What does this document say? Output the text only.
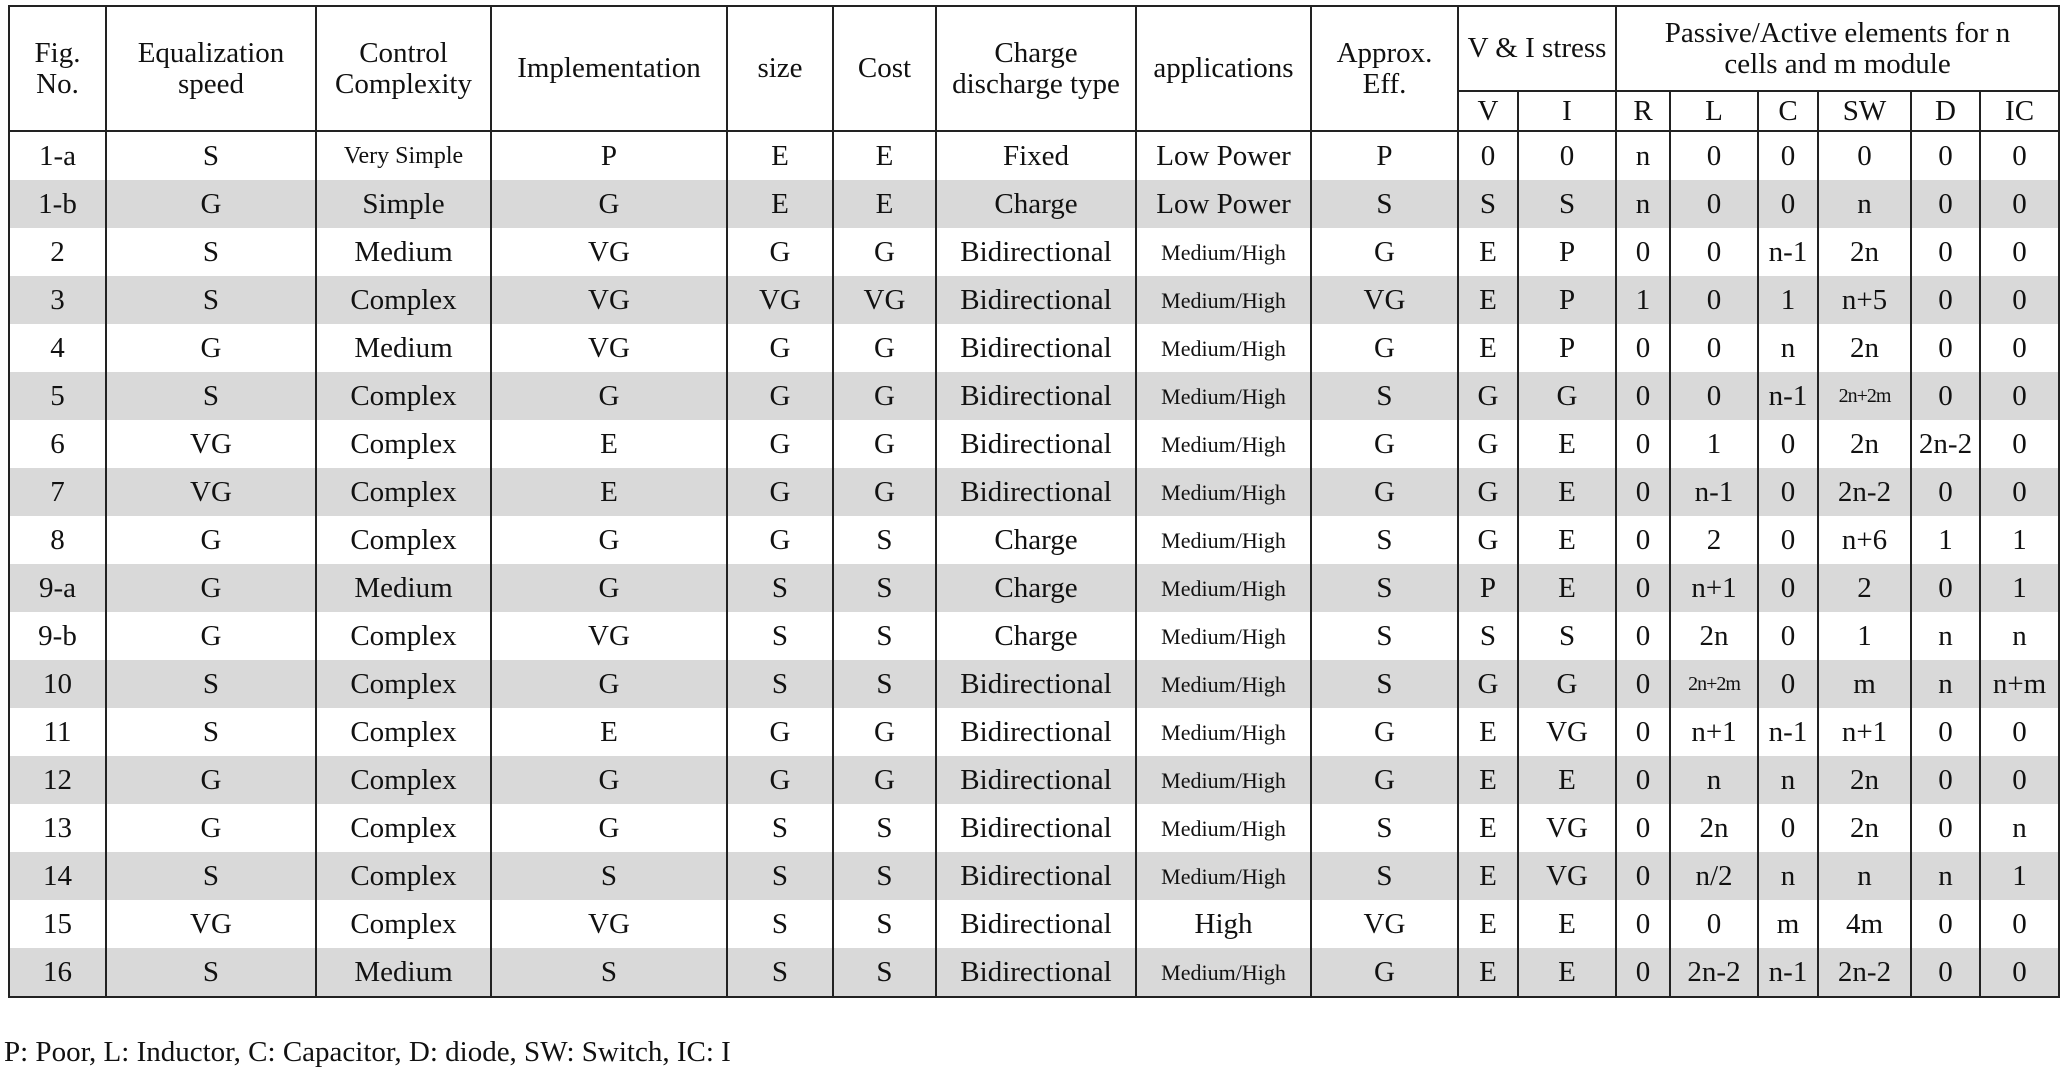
Fig. No.	Equalization speed	Control Complexity	Implementation	size	Cost	Charge discharge type	applications	Approx. Eff.	V & I stress		Passive/Active elements for n cells and m module					
									V	I	R	L	C	SW	D	IC
1-a	S	Very Simple	P	E	E	Fixed	Low Power	P	0	0	n	0	0	0	0	0
1-b	G	Simple	G	E	E	Charge	Low Power	S	S	S	n	0	0	n	0	0
2	S	Medium	VG	G	G	Bidirectional	Medium/High	G	E	P	0	0	n-1	2n	0	0
3	S	Complex	VG	VG	VG	Bidirectional	Medium/High	VG	E	P	1	0	1	n+5	0	0
4	G	Medium	VG	G	G	Bidirectional	Medium/High	G	E	P	0	0	n	2n	0	0
5	S	Complex	G	G	G	Bidirectional	Medium/High	S	G	G	0	0	n-1	2n+2m	0	0
6	VG	Complex	E	G	G	Bidirectional	Medium/High	G	G	E	0	1	0	2n	2n-2	0
7	VG	Complex	E	G	G	Bidirectional	Medium/High	G	G	E	0	n-1	0	2n-2	0	0
8	G	Complex	G	G	S	Charge	Medium/High	S	G	E	0	2	0	n+6	1	1
9-a	G	Medium	G	S	S	Charge	Medium/High	S	P	E	0	n+1	0	2	0	1
9-b	G	Complex	VG	S	S	Charge	Medium/High	S	S	S	0	2n	0	1	n	n
10	S	Complex	G	S	S	Bidirectional	Medium/High	S	G	G	0	2n+2m	0	m	n	n+m
11	S	Complex	E	G	G	Bidirectional	Medium/High	G	E	VG	0	n+1	n-1	n+1	0	0
12	G	Complex	G	G	G	Bidirectional	Medium/High	G	E	E	0	n	n	2n	0	0
13	G	Complex	G	S	S	Bidirectional	Medium/High	S	E	VG	0	2n	0	2n	0	n
14	S	Complex	S	S	S	Bidirectional	Medium/High	S	E	VG	0	n/2	n	n	n	1
15	VG	Complex	VG	S	S	Bidirectional	High	VG	E	E	0	0	m	4m	0	0
16	S	Medium	S	S	S	Bidirectional	Medium/High	G	E	E	0	2n-2	n-1	2n-2	0	0
P: Poor, L: Inductor, C: Capacitor, D: diode, SW: Switch, IC: I
